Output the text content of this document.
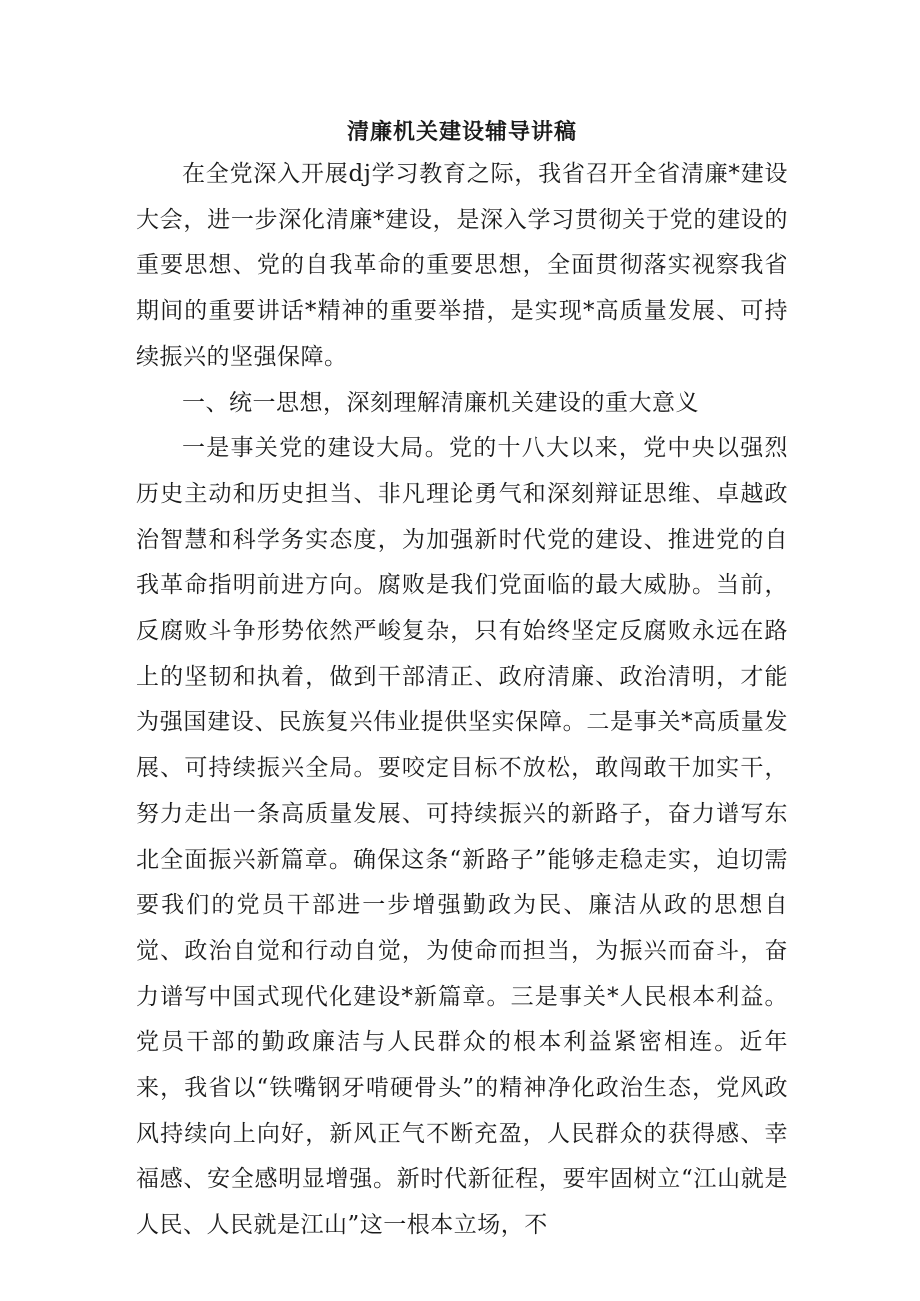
清廉机关建设辅导讲稿

在全党深入开展dj学习教育之际，我省召开全省清廉*建设大会，进一步深化清廉*建设，是深入学习贯彻关于党的建设的重要思想、党的自我革命的重要思想，全面贯彻落实视察我省期间的重要讲话*精神的重要举措，是实现*高质量发展、可持续振兴的坚强保障。

一、统一思想，深刻理解清廉机关建设的重大意义

一是事关党的建设大局。党的十八大以来，党中央以强烈历史主动和历史担当、非凡理论勇气和深刻辩证思维、卓越政治智慧和科学务实态度，为加强新时代党的建设、推进党的自我革命指明前进方向。腐败是我们党面临的最大威胁。当前，反腐败斗争形势依然严峻复杂，只有始终坚定反腐败永远在路上的坚韧和执着，做到干部清正、政府清廉、政治清明，才能为强国建设、民族复兴伟业提供坚实保障。二是事关*高质量发展、可持续振兴全局。要咬定目标不放松，敢闯敢干加实干，努力走出一条高质量发展、可持续振兴的新路子，奋力谱写东北全面振兴新篇章。确保这条“新路子”能够走稳走实，迫切需要我们的党员干部进一步增强勤政为民、廉洁从政的思想自觉、政治自觉和行动自觉，为使命而担当，为振兴而奋斗，奋力谱写中国式现代化建设*新篇章。三是事关*人民根本利益。党员干部的勤政廉洁与人民群众的根本利益紧密相连。近年来，我省以“铁嘴钢牙啃硬骨头”的精神净化政治生态，党风政风持续向上向好，新风正气不断充盈，人民群众的获得感、幸福感、安全感明显增强。新时代新征程，要牢固树立“江山就是人民、人民就是江山”这一根本立场，不
